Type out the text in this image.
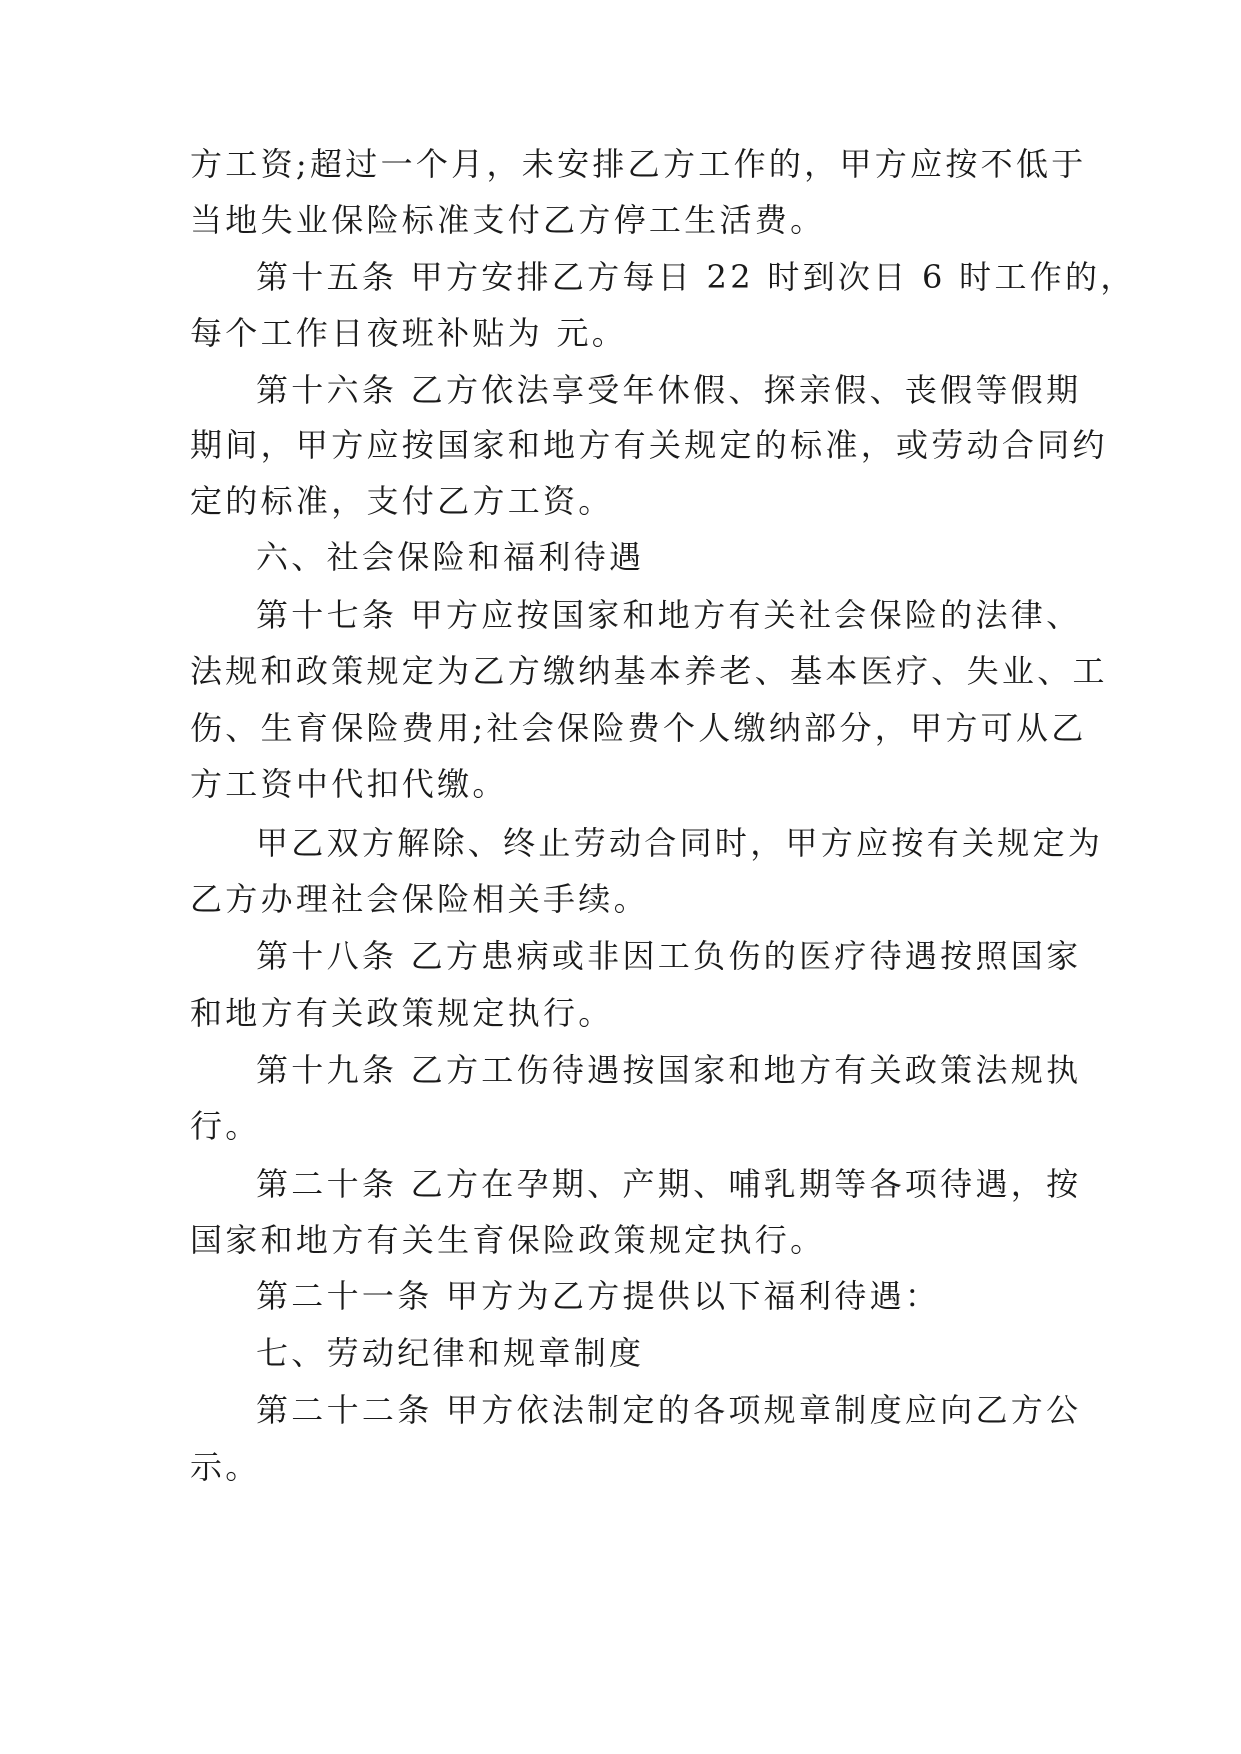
方工资;超过一个月，未安排乙方工作的，甲方应按不低于
当地失业保险标准支付乙方停工生活费。
第十五条 甲方安排乙方每日 22 时到次日 6 时工作的，
每个工作日夜班补贴为 元。
第十六条 乙方依法享受年休假、探亲假、丧假等假期
期间，甲方应按国家和地方有关规定的标准，或劳动合同约
定的标准，支付乙方工资。
六、社会保险和福利待遇
第十七条 甲方应按国家和地方有关社会保险的法律、
法规和政策规定为乙方缴纳基本养老、基本医疗、失业、工
伤、生育保险费用;社会保险费个人缴纳部分，甲方可从乙
方工资中代扣代缴。
甲乙双方解除、终止劳动合同时，甲方应按有关规定为
乙方办理社会保险相关手续。
第十八条 乙方患病或非因工负伤的医疗待遇按照国家
和地方有关政策规定执行。
第十九条 乙方工伤待遇按国家和地方有关政策法规执
行。
第二十条 乙方在孕期、产期、哺乳期等各项待遇，按
国家和地方有关生育保险政策规定执行。
第二十一条 甲方为乙方提供以下福利待遇：
七、劳动纪律和规章制度
第二十二条 甲方依法制定的各项规章制度应向乙方公
示。
